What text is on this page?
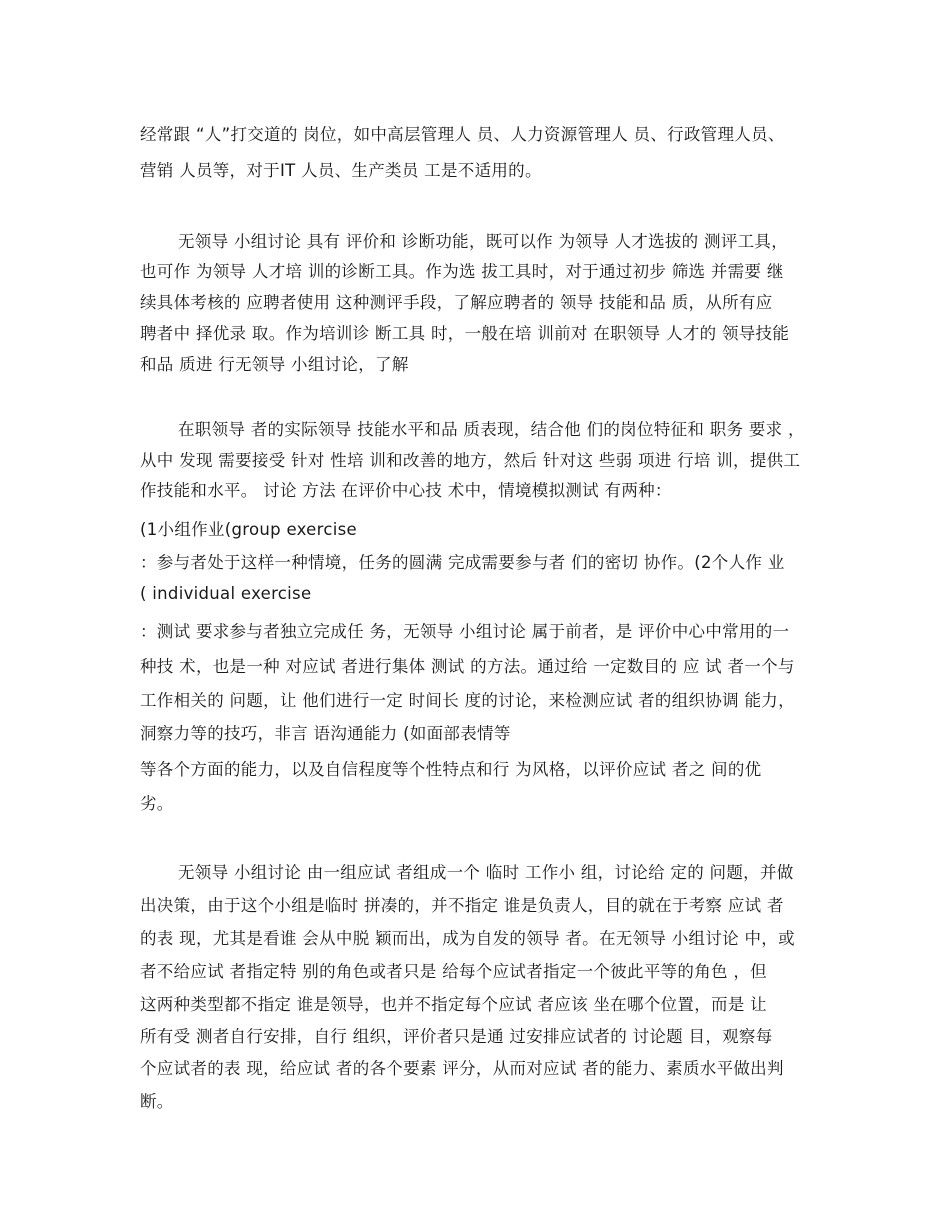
经常跟 “人”打交道的 岗位，如中高层管理人 员、人力资源管理人 员、行政管理人员、
营销 人员等，对于IT 人员、生产类员 工是不适用的。
无领导 小组讨论 具有 评价和 诊断功能，既可以作 为领导 人才选拔的 测评工具，
也可作 为领导 人才培 训的诊断工具。作为选 拔工具时，对于通过初步 筛选 并需要 继
续具体考核的 应聘者使用 这种测评手段，了解应聘者的 领导 技能和品 质，从所有应
聘者中 择优录 取。作为培训诊 断工具 时，一般在培 训前对 在职领导 人才的 领导技能
和品 质进 行无领导 小组讨论，了解
在职领导 者的实际领导 技能水平和品 质表现，结合他 们的岗位特征和 职务 要求 ，
从中 发现 需要接受 针对 性培 训和改善的地方，然后 针对这 些弱 项进 行培 训，提供工
作技能和水平。 讨论 方法 在评价中心技 术中，情境模拟测试 有两种：
(1小组作业(group exercise
：参与者处于这样一种情境，任务的圆满 完成需要参与者 们的密切 协作。(2个人作 业
( individual exercise
：测试 要求参与者独立完成任 务，无领导 小组讨论 属于前者，是 评价中心中常用的一
种技 术，也是一种 对应试 者进行集体 测试 的方法。通过给 一定数目的 应 试 者一个与
工作相关的 问题，让 他们进行一定 时间长 度的讨论，来检测应试 者的组织协调 能力，
洞察力等的技巧，非言 语沟通能力 (如面部表情等
等各个方面的能力，以及自信程度等个性特点和行 为风格，以评价应试 者之 间的优
劣。
无领导 小组讨论 由一组应试 者组成一个 临时 工作小 组，讨论给 定的 问题，并做
出决策，由于这个小组是临时 拼凑的，并不指定 谁是负责人，目的就在于考察 应试 者
的表 现，尤其是看谁 会从中脱 颖而出，成为自发的领导 者。在无领导 小组讨论 中，或
者不给应试 者指定特 别的角色或者只是 给每个应试者指定一个彼此平等的角色 ，但
这两种类型都不指定 谁是领导，也并不指定每个应试 者应该 坐在哪个位置，而是 让
所有受 测者自行安排，自行 组织，评价者只是通 过安排应试者的 讨论题 目，观察每
个应试者的表 现，给应试 者的各个要素 评分，从而对应试 者的能力、素质水平做出判
断。
